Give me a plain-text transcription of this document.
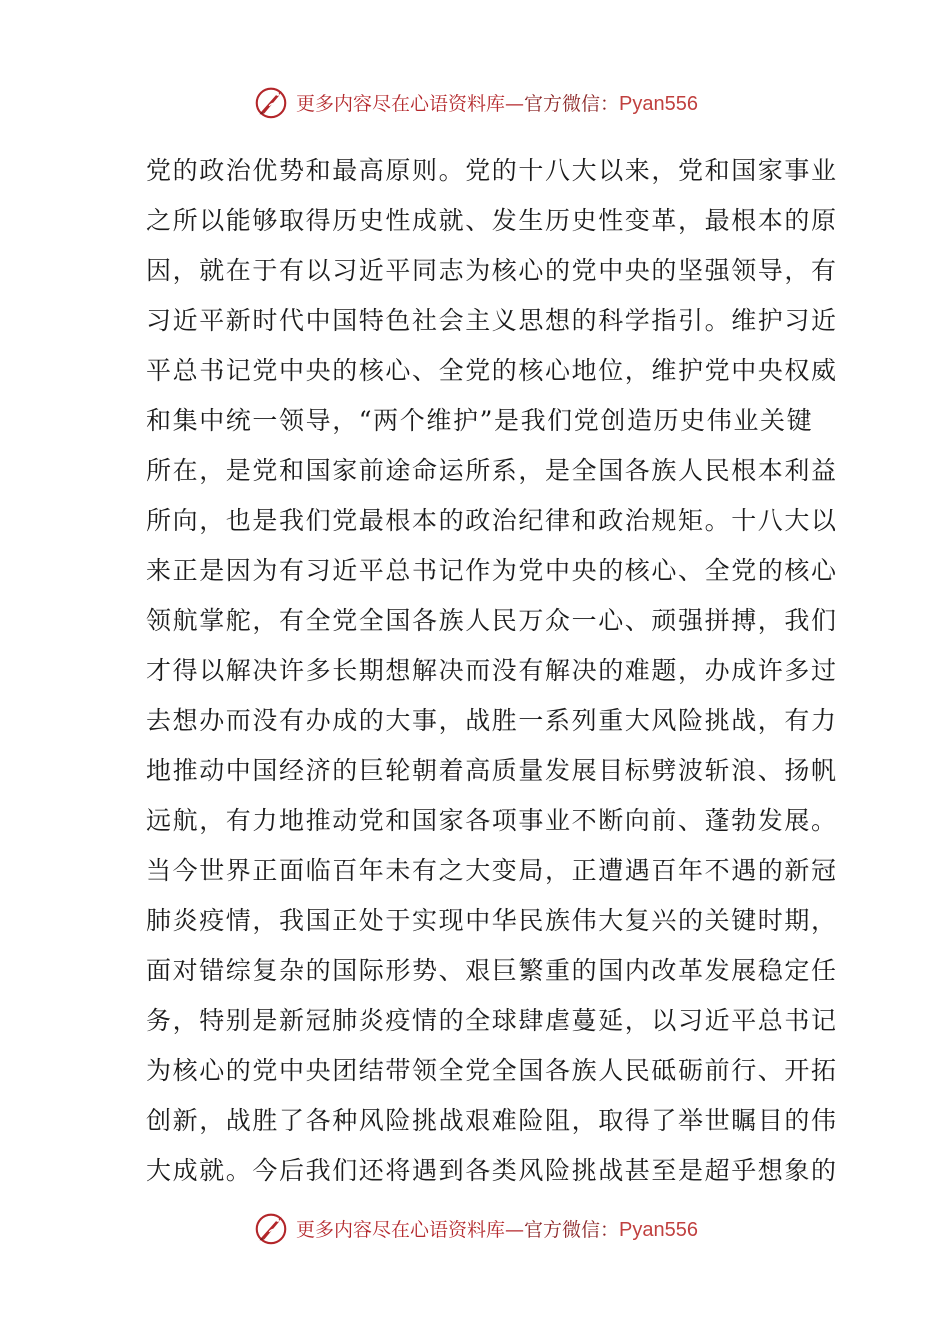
更多内容尽在心语资料库—官方微信：Pyan556
党的政治优势和最高原则。党的十八大以来，党和国家事业
之所以能够取得历史性成就、发生历史性变革，最根本的原
因，就在于有以习近平同志为核心的党中央的坚强领导，有
习近平新时代中国特色社会主义思想的科学指引。维护习近
平总书记党中央的核心、全党的核心地位，维护党中央权威
和集中统一领导，“两个维护”是我们党创造历史伟业关键
所在，是党和国家前途命运所系，是全国各族人民根本利益
所向，也是我们党最根本的政治纪律和政治规矩。十八大以
来正是因为有习近平总书记作为党中央的核心、全党的核心
领航掌舵，有全党全国各族人民万众一心、顽强拼搏，我们
才得以解决许多长期想解决而没有解决的难题，办成许多过
去想办而没有办成的大事，战胜一系列重大风险挑战，有力
地推动中国经济的巨轮朝着高质量发展目标劈波斩浪、扬帆
远航，有力地推动党和国家各项事业不断向前、蓬勃发展。
当今世界正面临百年未有之大变局，正遭遇百年不遇的新冠
肺炎疫情，我国正处于实现中华民族伟大复兴的关键时期，
面对错综复杂的国际形势、艰巨繁重的国内改革发展稳定任
务，特别是新冠肺炎疫情的全球肆虐蔓延，以习近平总书记
为核心的党中央团结带领全党全国各族人民砥砺前行、开拓
创新，战胜了各种风险挑战艰难险阻，取得了举世瞩目的伟
大成就。今后我们还将遇到各类风险挑战甚至是超乎想象的
更多内容尽在心语资料库—官方微信：Pyan556
